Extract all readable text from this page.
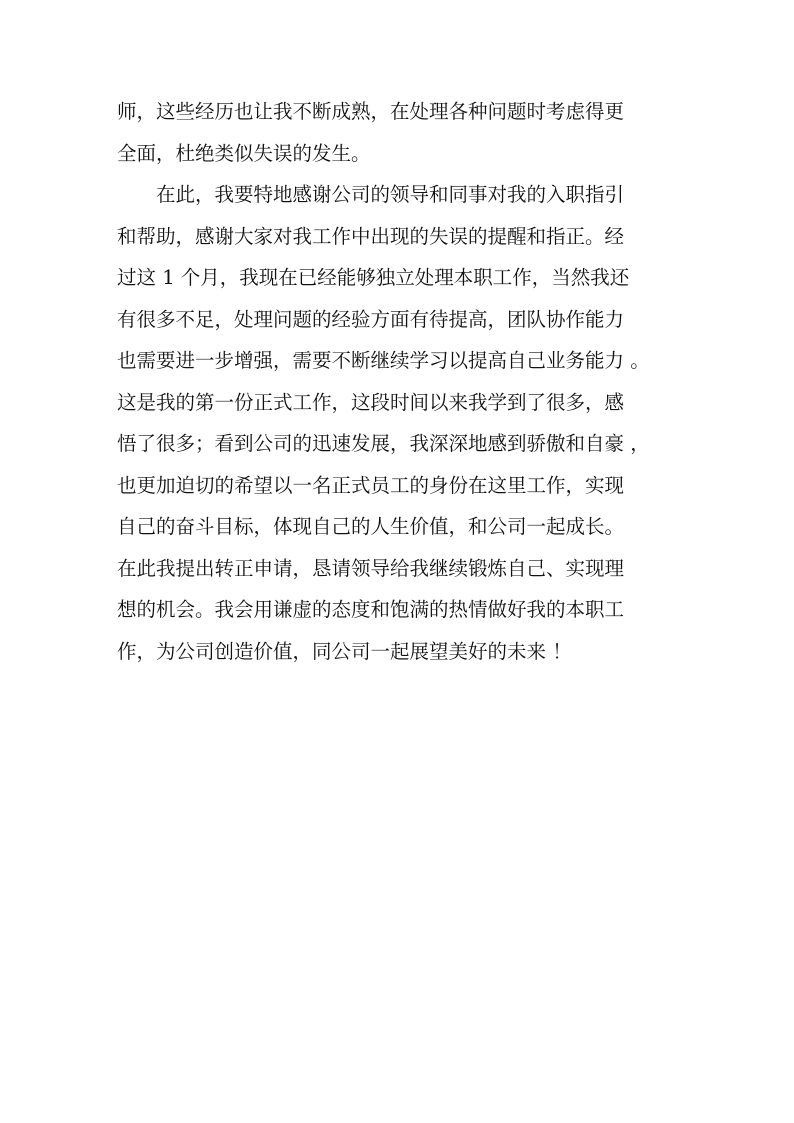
师，这些经历也让我不断成熟，在处理各种问题时考虑得更
全面，杜绝类似失误的发生。
　　在此，我要特地感谢公司的领导和同事对我的入职指引
和帮助，感谢大家对我工作中出现的失误的提醒和指正。经
过这 1 个月，我现在已经能够独立处理本职工作，当然我还
有很多不足，处理问题的经验方面有待提高，团队协作能力
也需要进一步增强，需要不断继续学习以提高自己业务能力 。
这是我的第一份正式工作，这段时间以来我学到了很多，感
悟了很多；看到公司的迅速发展，我深深地感到骄傲和自豪 ，
也更加迫切的希望以一名正式员工的身份在这里工作，实现
自己的奋斗目标，体现自己的人生价值，和公司一起成长。
在此我提出转正申请，恳请领导给我继续锻炼自己、实现理
想的机会。我会用谦虚的态度和饱满的热情做好我的本职工
作，为公司创造价值，同公司一起展望美好的未来 ！
